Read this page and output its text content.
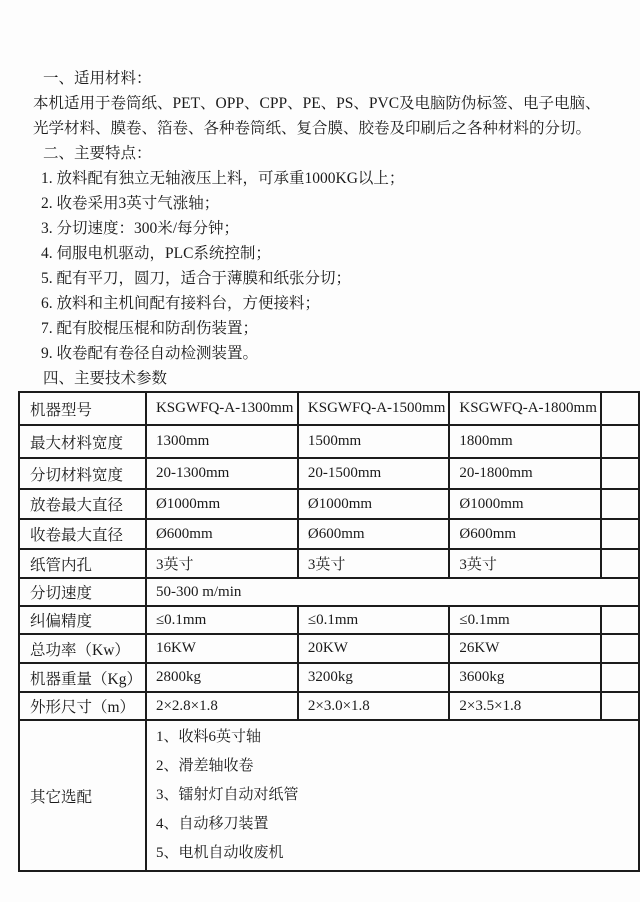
一、适用材料：
本机适用于卷筒纸、PET、OPP、CPP、PE、PS、PVC及电脑防伪标签、电子电脑、
光学材料、膜卷、箔卷、各种卷筒纸、复合膜、胶卷及印刷后之各种材料的分切。
二、主要特点：
1. 放料配有独立无轴液压上料，可承重1000KG以上；
2. 收卷采用3英寸气涨轴；
3. 分切速度：300米/每分钟；
4. 伺服电机驱动，PLC系统控制；
5. 配有平刀，圆刀，适合于薄膜和纸张分切；
6. 放料和主机间配有接料台，方便接料；
7. 配有胶棍压棍和防刮伤装置；
9. 收卷配有卷径自动检测装置。
四、主要技术参数
机器型号	KSGWFQ-A-1300mm	KSGWFQ-A-1500mm	KSGWFQ-A-1800mm	
最大材料宽度	1300mm	1500mm	1800mm	
分切材料宽度	20-1300mm	20-1500mm	20-1800mm	
放卷最大直径	Ø1000mm	Ø1000mm	Ø1000mm	
收卷最大直径	Ø600mm	Ø600mm	Ø600mm	
纸管内孔	3英寸	3英寸	3英寸	
分切速度	50-300 m/min			
纠偏精度	≤0.1mm	≤0.1mm	≤0.1mm	
总功率（Kw）	16KW	20KW	26KW	
机器重量（Kg）	2800kg	3200kg	3600kg	
外形尺寸（m）	2×2.8×1.8	2×3.0×1.8	2×3.5×1.8	
其它选配	1、收料6英寸轴
2、滑差轴收卷
3、镭射灯自动对纸管
4、自动移刀装置
5、电机自动收废机			
